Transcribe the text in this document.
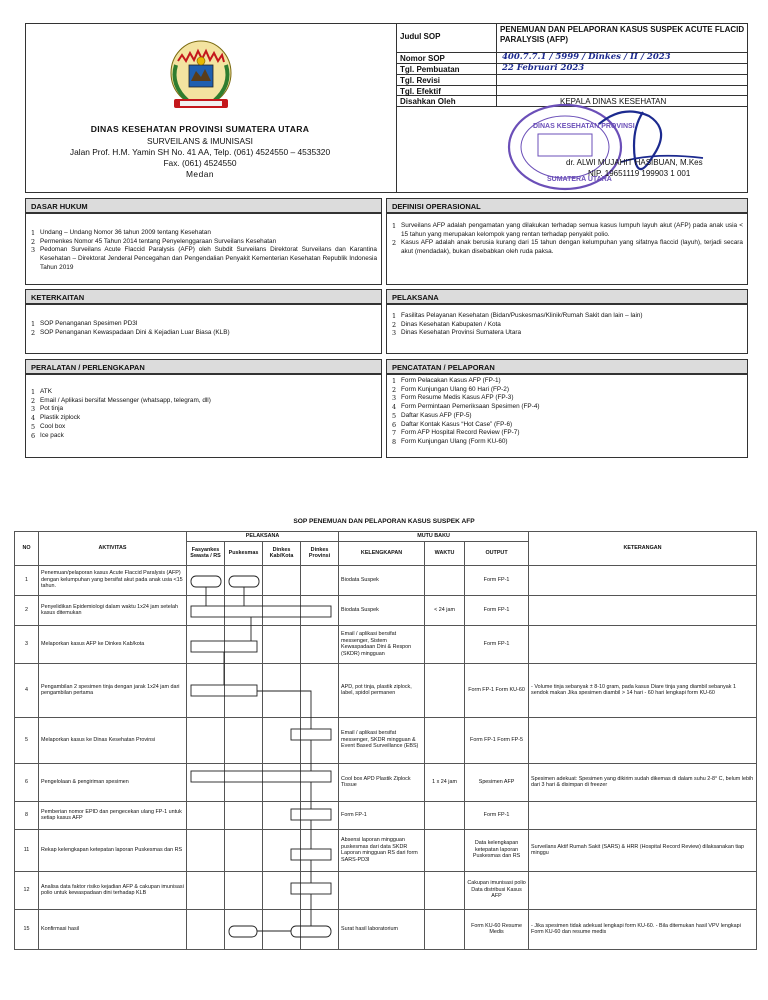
DINAS KESEHATAN PROVINSI SUMATERA UTARA
SURVEILANS & IMUNISASI
Jalan Prof. H.M. Yamin SH No. 41 AA, Telp. (061) 4524550 – 4535320
Fax. (061) 4524550
Medan
Judul SOP
PENEMUAN DAN PELAPORAN KASUS SUSPEK ACUTE FLACID PARALYSIS (AFP)
Nomor SOP	400.7.7.1 / 5999 / Dinkes / II / 2023
Tgl. Pembuatan	22 Februari 2023
Tgl. Revisi
Tgl. Efektif
Disahkan Oleh	KEPALA DINAS KESEHATAN
DINAS KESEHATAN PROVINSI
SUMATERA UTARA
dr. ALWI MUJAHIT HASIBUAN, M.Kes
NIP. 19651119 199903 1 001
DASAR HUKUM	DEFINISI OPERASIONAL
1 Undang – Undang Nomor 36 tahun 2009 tentang Kesehatan
2 Permenkes Nomor 45 Tahun 2014 tentang Penyelenggaraan Surveilans Kesehatan
3 Pedoman Surveilans Acute Flaccid Paralysis (AFP) oleh Subdit Surveilans Direktorat Surveilans dan Karantina Kesehatan – Direktorat Jenderal Pencegahan dan Pengendalian Penyakit Kementerian Kesehatan Republik Indonesia Tahun 2019
1 Surveilans AFP adalah pengamatan yang dilakukan terhadap semua kasus lumpuh layuh akut (AFP) pada anak usia < 15 tahun yang merupakan kelompok yang rentan terhadap penyakit polio.
2 Kasus AFP adalah anak berusia kurang dari 15 tahun dengan kelumpuhan yang sifatnya flaccid (layuh), terjadi secara akut (mendadak), bukan disebabkan oleh ruda paksa.
KETERKAITAN	PELAKSANA
1 SOP Penanganan Spesimen PD3I
2 SOP Penanganan Kewaspadaan Dini & Kejadian Luar Biasa (KLB)
1 Fasilitas Pelayanan Kesehatan (Bidan/Puskesmas/Klinik/Rumah Sakit dan lain – lain)
2 Dinas Kesehatan Kabupaten / Kota
3 Dinas Kesehatan Provinsi Sumatera Utara
PERALATAN / PERLENGKAPAN	PENCATATAN / PELAPORAN
1 ATK
2 Email / Aplikasi bersifat Messenger (whatsapp, telegram, dll)
3 Pot tinja
4 Plastik ziplock
5 Cool box
6 Ice pack
1 Form Pelacakan Kasus AFP (FP-1)
2 Form Kunjungan Ulang 60 Hari (FP-2)
3 Form Resume Medis Kasus AFP (FP-3)
4 Form Permintaan Pemeriksaan Spesimen (FP-4)
5 Daftar Kasus AFP (FP-5)
6 Daftar Kontak Kasus “Hot Case” (FP-6)
7 Form AFP Hospital Record Review (FP-7)
8 Form Kunjungan Ulang (Form KU-60)
SOP PENEMUAN DAN PELAPORAN KASUS SUSPEK AFP
NO	AKTIVITAS	PELAKSANA				MUTU BAKU			KETERANGAN
		Fasyankes Swasta / RS	Puskesmas	Dinkes Kab/Kota	Dinkes Provinsi	KELENGKAPAN	WAKTU	OUTPUT	
1	Penemuan/pelaporan kasus Acute Flaccid Paralysis (AFP) dengan kelumpuhan yang bersifat akut pada anak usia <15 tahun.					Biodata Suspek		Form FP-1	
2	Penyelidikan Epidemiologi dalam waktu 1x24 jam setelah kasus ditemukan					Biodata Suspek	< 24 jam	Form FP-1	
3	Melaporkan kasus AFP ke Dinkes Kab/kota					Email / aplikasi bersifat messenger, Sistem Kewaspadaan Dini & Respon (SKDR) mingguan		Form FP-1	
4	Pengambilan 2 spesimen tinja dengan jarak 1x24 jam dari pengambilan pertama					APD, pot tinja, plastik ziplock, label, spidol permanen		Form FP-1 Form KU-60	- Volume tinja sebanyak ± 8-10 gram, pada kasus Diare tinja yang diambil sebanyak 1 sendok makan Jika spesimen diambil > 14 hari - 60 hari lengkapi form KU-60
5	Melaporkan kasus ke Dinas Kesehatan Provinsi					Email / aplikasi bersifat messenger, SKDR mingguan & Event Based Surveillance (EBS)		Form FP-1 Form FP-5	
6	Pengelolaan & pengiriman spesimen					Cool box APD Plastik Ziplock Tissue	1 x 24 jam	Spesimen AFP	Spesimen adekuat: Spesimen yang dikirim sudah dikemas di dalam suhu 2-8° C, belum lebih dari 3 hari & disimpan di freezer
8	Pemberian nomor EPID dan pengecekan ulang FP-1 untuk setiap kasus AFP					Form FP-1		Form FP-1	
11	Rekap kelengkapan ketepatan laporan Puskesmas dan RS					Absensi laporan mingguan puskesmas dari data SKDR Laporan mingguan RS dari form SARS-PD3I		Data kelengkapan ketepatan laporan Puskesmas dan RS	Surveilans Aktif Rumah Sakit (SARS) & HRR (Hospital Record Review) dilaksanakan tiap minggu
12	Analisa data faktor risiko kejadian AFP & cakupan imunisasi polio untuk kewaspadaan dini terhadap KLB							Cakupan imunisasi polio Data distribusi Kasus AFP	
15	Konfirmasi hasil					Surat hasil laboratorium		Form KU-60 Resume Medis	- Jika spesimen tidak adekuat lengkapi form KU-60. - Bila ditemukan hasil VPV lengkapi Form KU-60 dan resume medis
